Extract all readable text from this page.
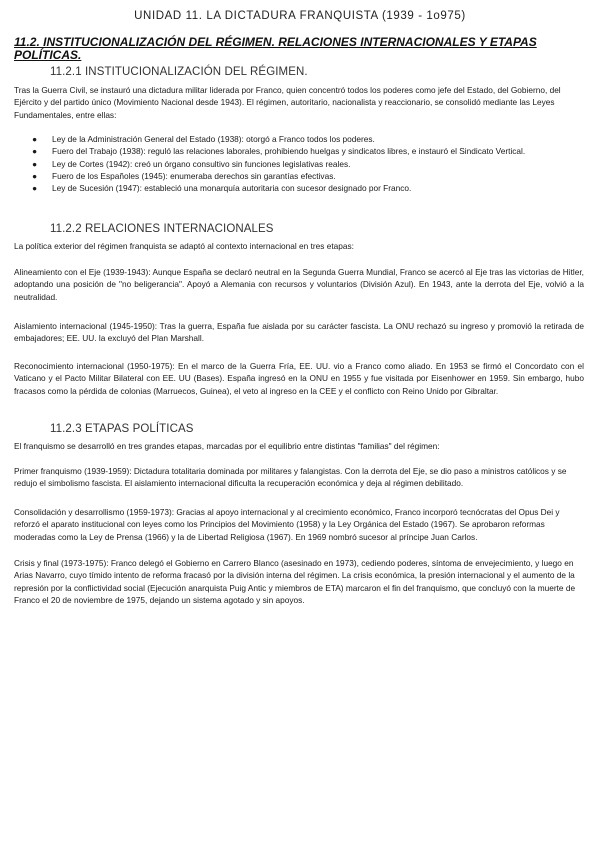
UNIDAD 11. LA DICTADURA FRANQUISTA (1939 - 1o975)
11.2. INSTITUCIONALIZACIÓN DEL RÉGIMEN. RELACIONES INTERNACIONALES Y ETAPAS POLÍTICAS.
11.2.1 INSTITUCIONALIZACIÓN DEL RÉGIMEN.
Tras la Guerra Civil, se instauró una dictadura militar liderada por Franco, quien concentró todos los poderes como jefe del Estado, del Gobierno, del Ejército y del partido único (Movimiento Nacional desde 1943). El régimen, autoritario, nacionalista y reaccionario, se consolidó mediante las Leyes Fundamentales, entre ellas:
● Ley de la Administración General del Estado (1938): otorgó a Franco todos los poderes.
● Fuero del Trabajo (1938): reguló las relaciones laborales, prohibiendo huelgas y sindicatos libres, e instauró el Sindicato Vertical.
● Ley de Cortes (1942): creó un órgano consultivo sin funciones legislativas reales.
● Fuero de los Españoles (1945): enumeraba derechos sin garantías efectivas.
● Ley de Sucesión (1947): estableció una monarquía autoritaria con sucesor designado por Franco.
11.2.2 RELACIONES INTERNACIONALES
La política exterior del régimen franquista se adaptó al contexto internacional en tres etapas:
Alineamiento con el Eje (1939-1943): Aunque España se declaró neutral en la Segunda Guerra Mundial, Franco se acercó al Eje tras las victorias de Hitler, adoptando una posición de "no beligerancia". Apoyó a Alemania con recursos y voluntarios (División Azul). En 1943, ante la derrota del Eje, volvió a la neutralidad.
Aislamiento internacional (1945-1950): Tras la guerra, España fue aislada por su carácter fascista. La ONU rechazó su ingreso y promovió la retirada de embajadores; EE. UU. la excluyó del Plan Marshall.
Reconocimiento internacional (1950-1975): En el marco de la Guerra Fría, EE. UU. vio a Franco como aliado. En 1953 se firmó el Concordato con el Vaticano y el Pacto Militar Bilateral con EE. UU (Bases). España ingresó en la ONU en 1955 y fue visitada por Eisenhower en 1959. Sin embargo, hubo fracasos como la pérdida de colonias (Marruecos, Guinea), el veto al ingreso en la CEE y el conflicto con Reino Unido por Gibraltar.
11.2.3 ETAPAS POLÍTICAS
El franquismo se desarrolló en tres grandes etapas, marcadas por el equilibrio entre distintas "familias" del régimen:
Primer franquismo (1939-1959): Dictadura totalitaria dominada por militares y falangistas. Con la derrota del Eje, se dio paso a ministros católicos y se redujo el simbolismo fascista. El aislamiento internacional dificulta la recuperación económica y deja al régimen debilitado.
Consolidación y desarrollismo (1959-1973): Gracias al apoyo internacional y al crecimiento económico, Franco incorporó tecnócratas del Opus Dei y reforzó el aparato institucional con leyes como los Principios del Movimiento (1958) y la Ley Orgánica del Estado (1967). Se aprobaron reformas moderadas como la Ley de Prensa (1966) y la de Libertad Religiosa (1967). En 1969 nombró sucesor al príncipe Juan Carlos.
Crisis y final (1973-1975): Franco delegó el Gobierno en Carrero Blanco (asesinado en 1973), cediendo poderes, síntoma de envejecimiento, y luego en Arias Navarro, cuyo tímido intento de reforma fracasó por la división interna del régimen. La crisis económica, la presión internacional y el aumento de la represión por la conflictividad social (Ejecución anarquista Puig Antic y miembros de ETA) marcaron el fin del franquismo, que concluyó con la muerte de Franco el 20 de noviembre de 1975, dejando un sistema agotado y sin apoyos.
